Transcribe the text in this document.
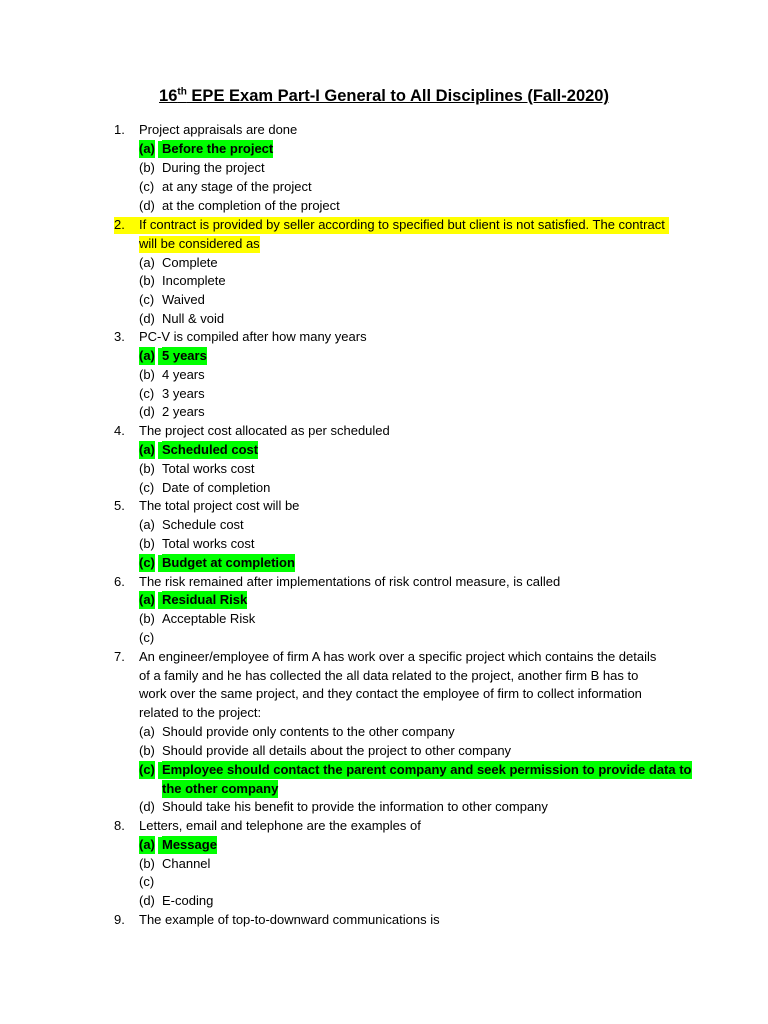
16th EPE Exam Part-I General to All Disciplines (Fall-2020)
1. Project appraisals are done
(a) Before the project
(b) During the project
(c) at any stage of the project
(d) at the completion of the project
2. If contract is provided by seller according to specified but client is not satisfied. The contract
will be considered as
(a) Complete
(b) Incomplete
(c) Waived
(d) Null & void
3. PC-V is compiled after how many years
(a) 5 years
(b) 4 years
(c) 3 years
(d) 2 years
4. The project cost allocated as per scheduled
(a) Scheduled cost
(b) Total works cost
(c) Date of completion
5. The total project cost will be
(a) Schedule cost
(b) Total works cost
(c) Budget at completion
6. The risk remained after implementations of risk control measure, is called
(a) Residual Risk
(b) Acceptable Risk
(c)
7. An engineer/employee of firm A has work over a specific project which contains the details
of a family and he has collected the all data related to the project, another firm B has to
work over the same project, and they contact the employee of firm to collect information
related to the project:
(a) Should provide only contents to the other company
(b) Should provide all details about the project to other company
(c) Employee should contact the parent company and seek permission to provide data to
the other company
(d) Should take his benefit to provide the information to other company
8. Letters, email and telephone are the examples of
(a) Message
(b) Channel
(c)
(d) E-coding
9. The example of top-to-downward communications is
